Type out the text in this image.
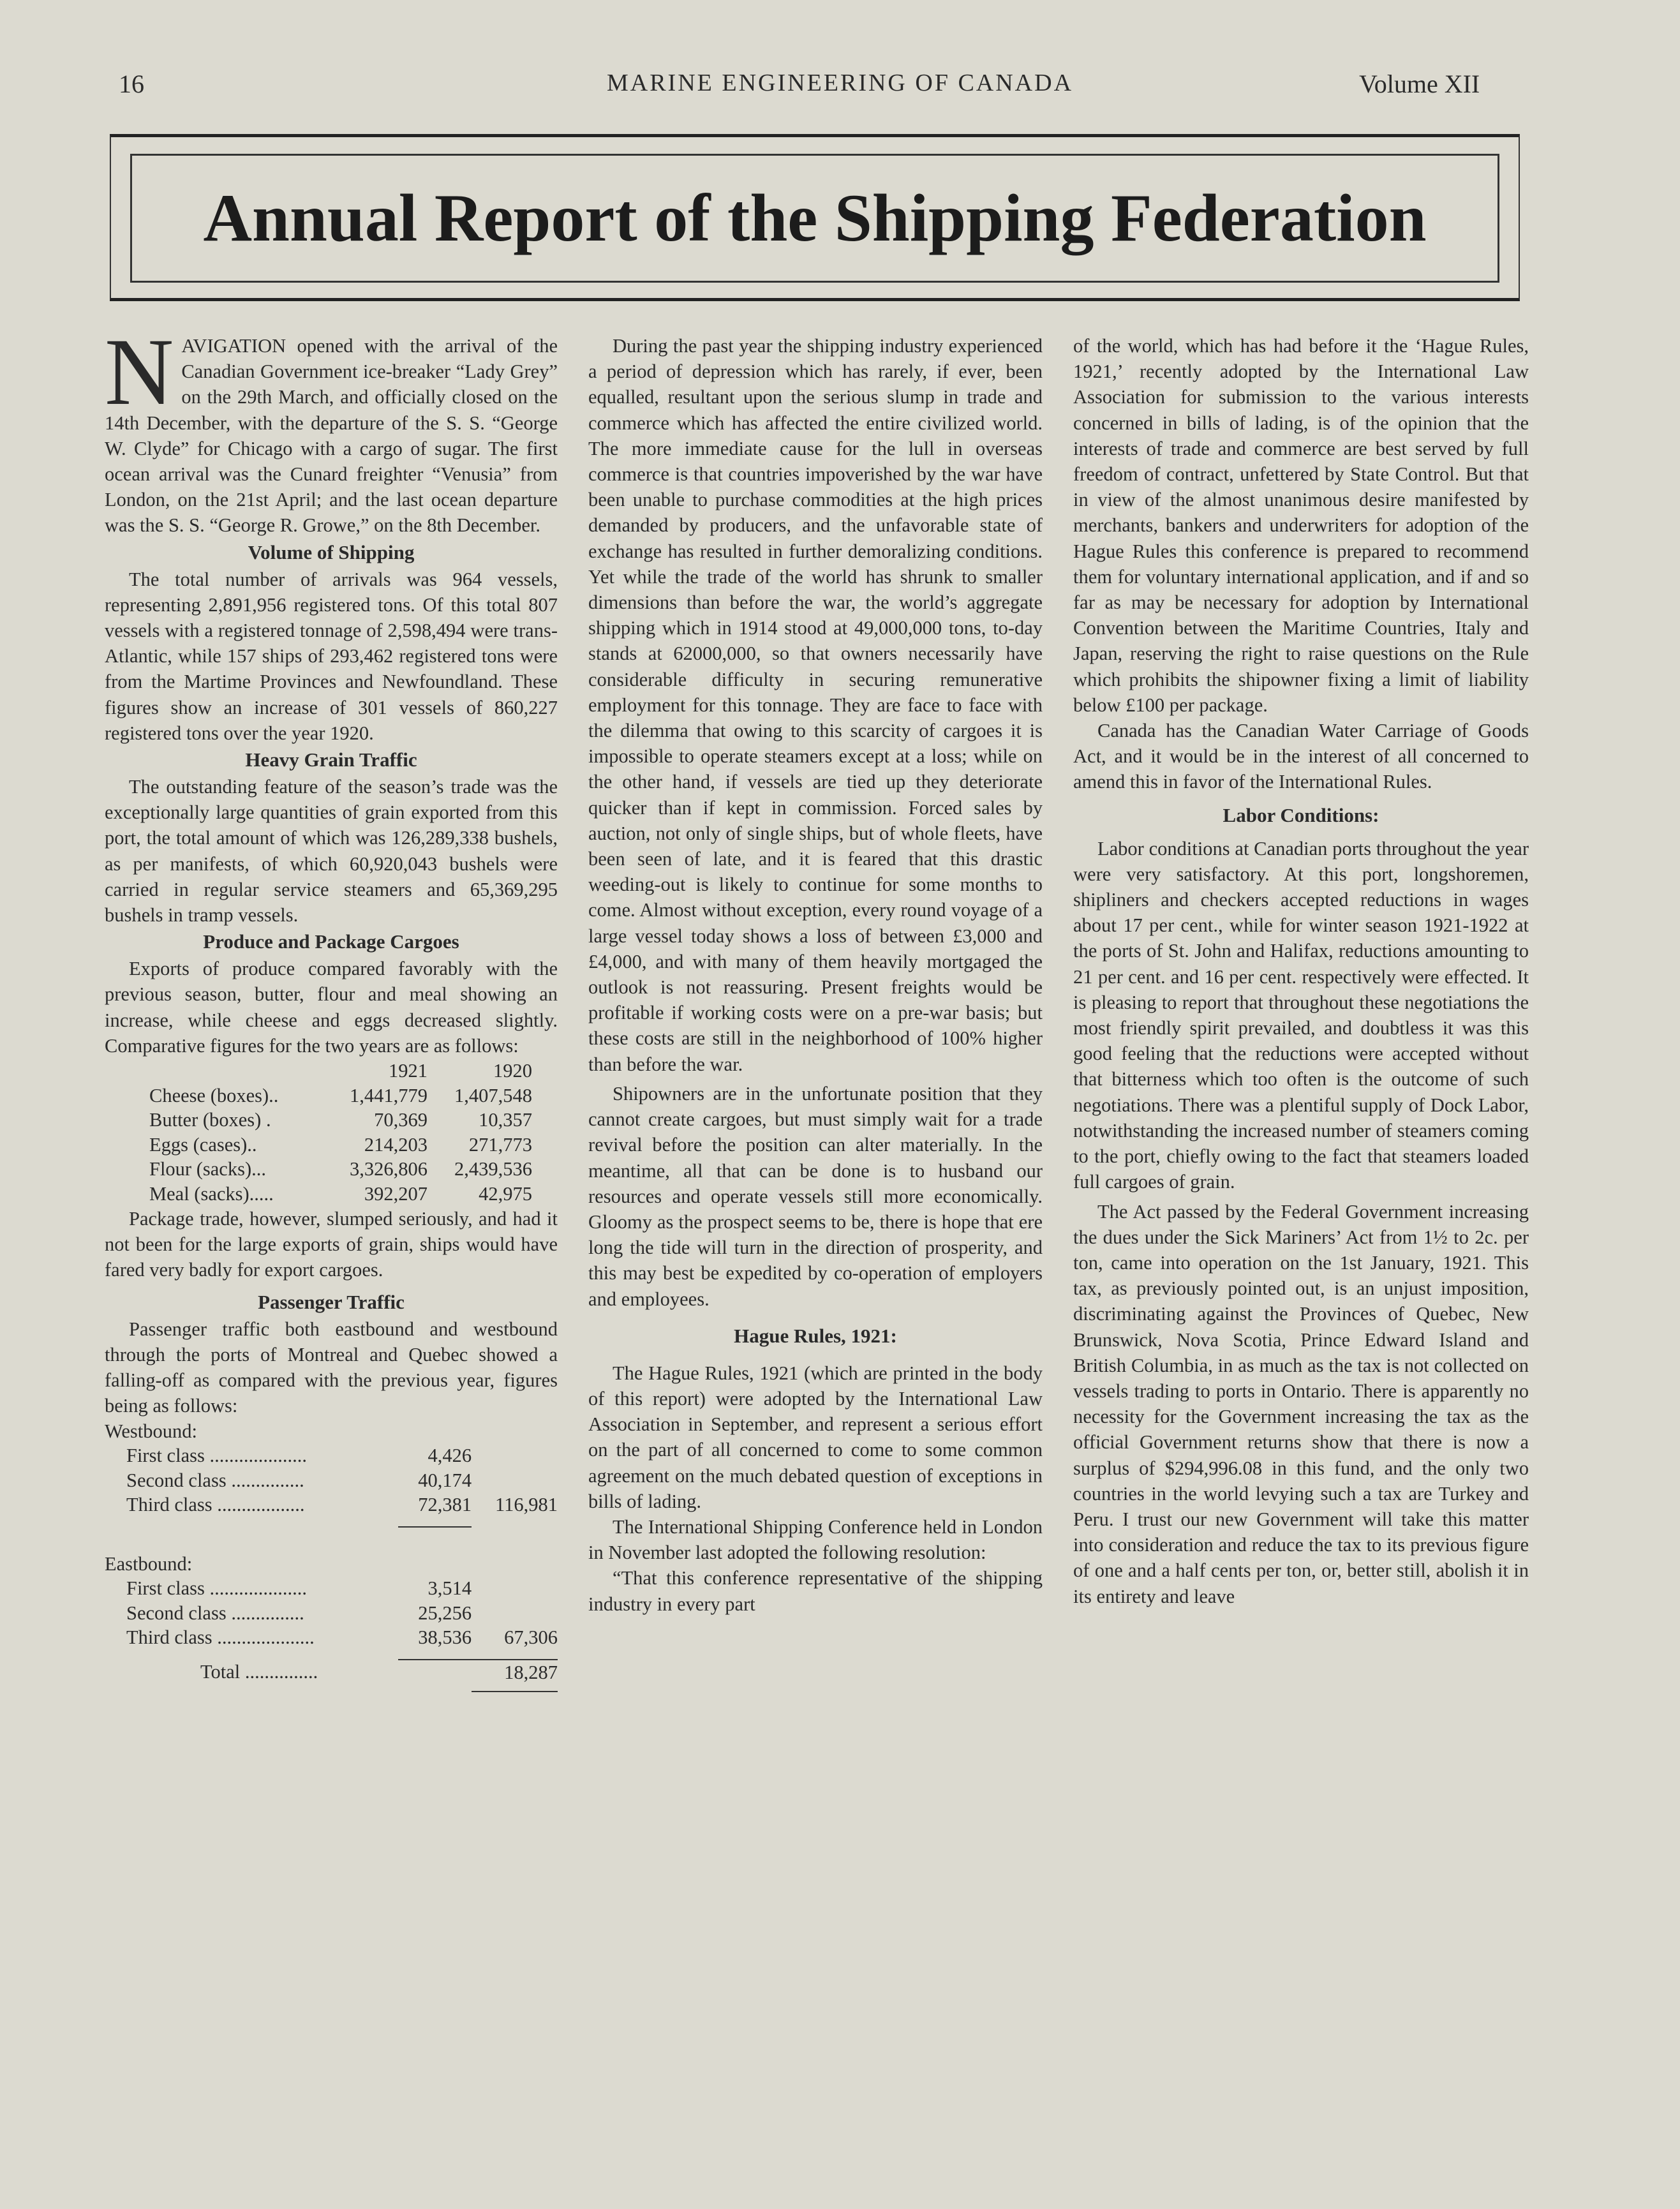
16	MARINE ENGINEERING OF CANADA	Volume XII
Annual Report of the Shipping Federation

NAVIGATION opened with the arrival of the Canadian Government ice-breaker “Lady Grey” on the 29th March, and officially closed on the 14th December, with the departure of the S. S. “George W. Clyde” for Chicago with a cargo of sugar. The first ocean arrival was the Cunard freighter “Venusia” from London, on the 21st April; and the last ocean departure was the S. S. “George R. Growe,” on the 8th December.

Volume of Shipping

The total number of arrivals was 964 vessels, representing 2,891,956 registered tons. Of this total 807 vessels with a registered tonnage of 2,598,494 were trans-Atlantic, while 157 ships of 293,462 registered tons were from the Martime Provinces and Newfoundland. These figures show an increase of 301 vessels of 860,227 registered tons over the year 1920.

Heavy Grain Traffic

The outstanding feature of the season’s trade was the exceptionally large quantities of grain exported from this port, the total amount of which was 126,289,338 bushels, as per manifests, of which 60,920,043 bushels were carried in regular service steamers and 65,369,295 bushels in tramp vessels.

Produce and Package Cargoes

Exports of produce compared favorably with the previous season, butter, flour and meal showing an increase, while cheese and eggs decreased slightly. Comparative figures for the two years are as follows:

	1921	1920
Cheese (boxes)..	1,441,779	1,407,548
Butter (boxes) .	70,369	10,357
Eggs (cases)..	214,203	271,773
Flour (sacks)...	3,326,806	2,439,536
Meal (sacks).....	392,207	42,975

Package trade, however, slumped seriously, and had it not been for the large exports of grain, ships would have fared very badly for export cargoes.

Passenger Traffic

Passenger traffic both eastbound and westbound through the ports of Montreal and Quebec showed a falling-off as compared with the previous year, figures being as follows:

Westbound:		
First class ....................	4,426	
Second class ...............	40,174	
Third class ..................	72,381	116,981

Eastbound:		
First class ....................	3,514	
Second class ...............	25,256	
Third class ....................	38,536	67,306

Total ...............		18,287

During the past year the shipping industry experienced a period of depression which has rarely, if ever, been equalled, resultant upon the serious slump in trade and commerce which has affected the entire civilized world. The more immediate cause for the lull in overseas commerce is that countries impoverished by the war have been unable to purchase commodities at the high prices demanded by producers, and the unfavorable state of exchange has resulted in further demoralizing conditions. Yet while the trade of the world has shrunk to smaller dimensions than before the war, the world’s aggregate shipping which in 1914 stood at 49,000,000 tons, to-day stands at 62000,000, so that owners necessarily have considerable difficulty in securing remunerative employment for this tonnage. They are face to face with the dilemma that owing to this scarcity of cargoes it is impossible to operate steamers except at a loss; while on the other hand, if vessels are tied up they deteriorate quicker than if kept in commission. Forced sales by auction, not only of single ships, but of whole fleets, have been seen of late, and it is feared that this drastic weeding-out is likely to continue for some months to come. Almost without exception, every round voyage of a large vessel today shows a loss of between £3,000 and £4,000, and with many of them heavily mortgaged the outlook is not reassuring. Present freights would be profitable if working costs were on a pre-war basis; but these costs are still in the neighborhood of 100% higher than before the war.

Shipowners are in the unfortunate position that they cannot create cargoes, but must simply wait for a trade revival before the position can alter materially. In the meantime, all that can be done is to husband our resources and operate vessels still more economically. Gloomy as the prospect seems to be, there is hope that ere long the tide will turn in the direction of prosperity, and this may best be expedited by co-operation of employers and employees.

Hague Rules, 1921:

The Hague Rules, 1921 (which are printed in the body of this report) were adopted by the International Law Association in September, and represent a serious effort on the part of all concerned to come to some common agreement on the much debated question of exceptions in bills of lading.

The International Shipping Conference held in London in November last adopted the following resolution:

“That this conference representative of the shipping industry in every part

of the world, which has had before it the ‘Hague Rules, 1921,’ recently adopted by the International Law Association for submission to the various interests concerned in bills of lading, is of the opinion that the interests of trade and commerce are best served by full freedom of contract, unfettered by State Control. But that in view of the almost unanimous desire manifested by merchants, bankers and underwriters for adoption of the Hague Rules this conference is prepared to recommend them for voluntary international application, and if and so far as may be necessary for adoption by International Convention between the Maritime Countries, Italy and Japan, reserving the right to raise questions on the Rule which prohibits the shipowner fixing a limit of liability below £100 per package.

Canada has the Canadian Water Carriage of Goods Act, and it would be in the interest of all concerned to amend this in favor of the International Rules.

Labor Conditions:

Labor conditions at Canadian ports throughout the year were very satisfactory. At this port, longshoremen, shipliners and checkers accepted reductions in wages about 17 per cent., while for winter season 1921-1922 at the ports of St. John and Halifax, reductions amounting to 21 per cent. and 16 per cent. respectively were effected. It is pleasing to report that throughout these negotiations the most friendly spirit prevailed, and doubtless it was this good feeling that the reductions were accepted without that bitterness which too often is the outcome of such negotiations. There was a plentiful supply of Dock Labor, notwithstanding the increased number of steamers coming to the port, chiefly owing to the fact that steamers loaded full cargoes of grain.

The Act passed by the Federal Government increasing the dues under the Sick Mariners’ Act from 1½ to 2c. per ton, came into operation on the 1st January, 1921. This tax, as previously pointed out, is an unjust imposition, discriminating against the Provinces of Quebec, New Brunswick, Nova Scotia, Prince Edward Island and British Columbia, in as much as the tax is not collected on vessels trading to ports in Ontario. There is apparently no necessity for the Government increasing the tax as the official Government returns show that there is now a surplus of $294,996.08 in this fund, and the only two countries in the world levying such a tax are Turkey and Peru. I trust our new Government will take this matter into consideration and reduce the tax to its previous figure of one and a half cents per ton, or, better still, abolish it in its entirety and leave
